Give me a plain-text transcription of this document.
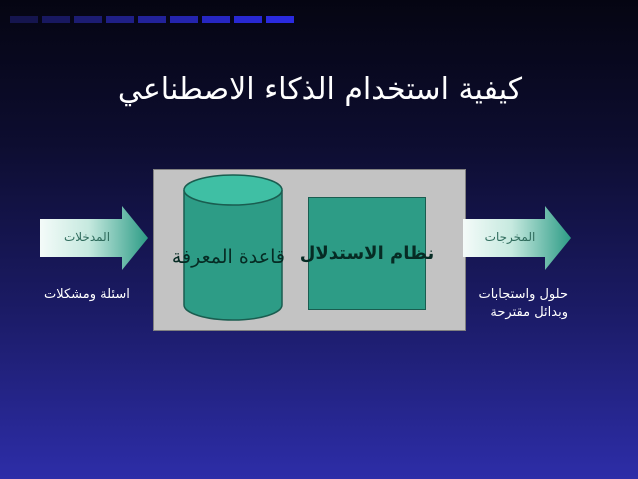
كيفية استخدام الذكاء الاصطناعي
قاعدة المعرفة نظام الاستدلال
المدخلات	المخرجات
اسئلة ومشكلات	حلول واستجابات
وبدائل مقترحة
